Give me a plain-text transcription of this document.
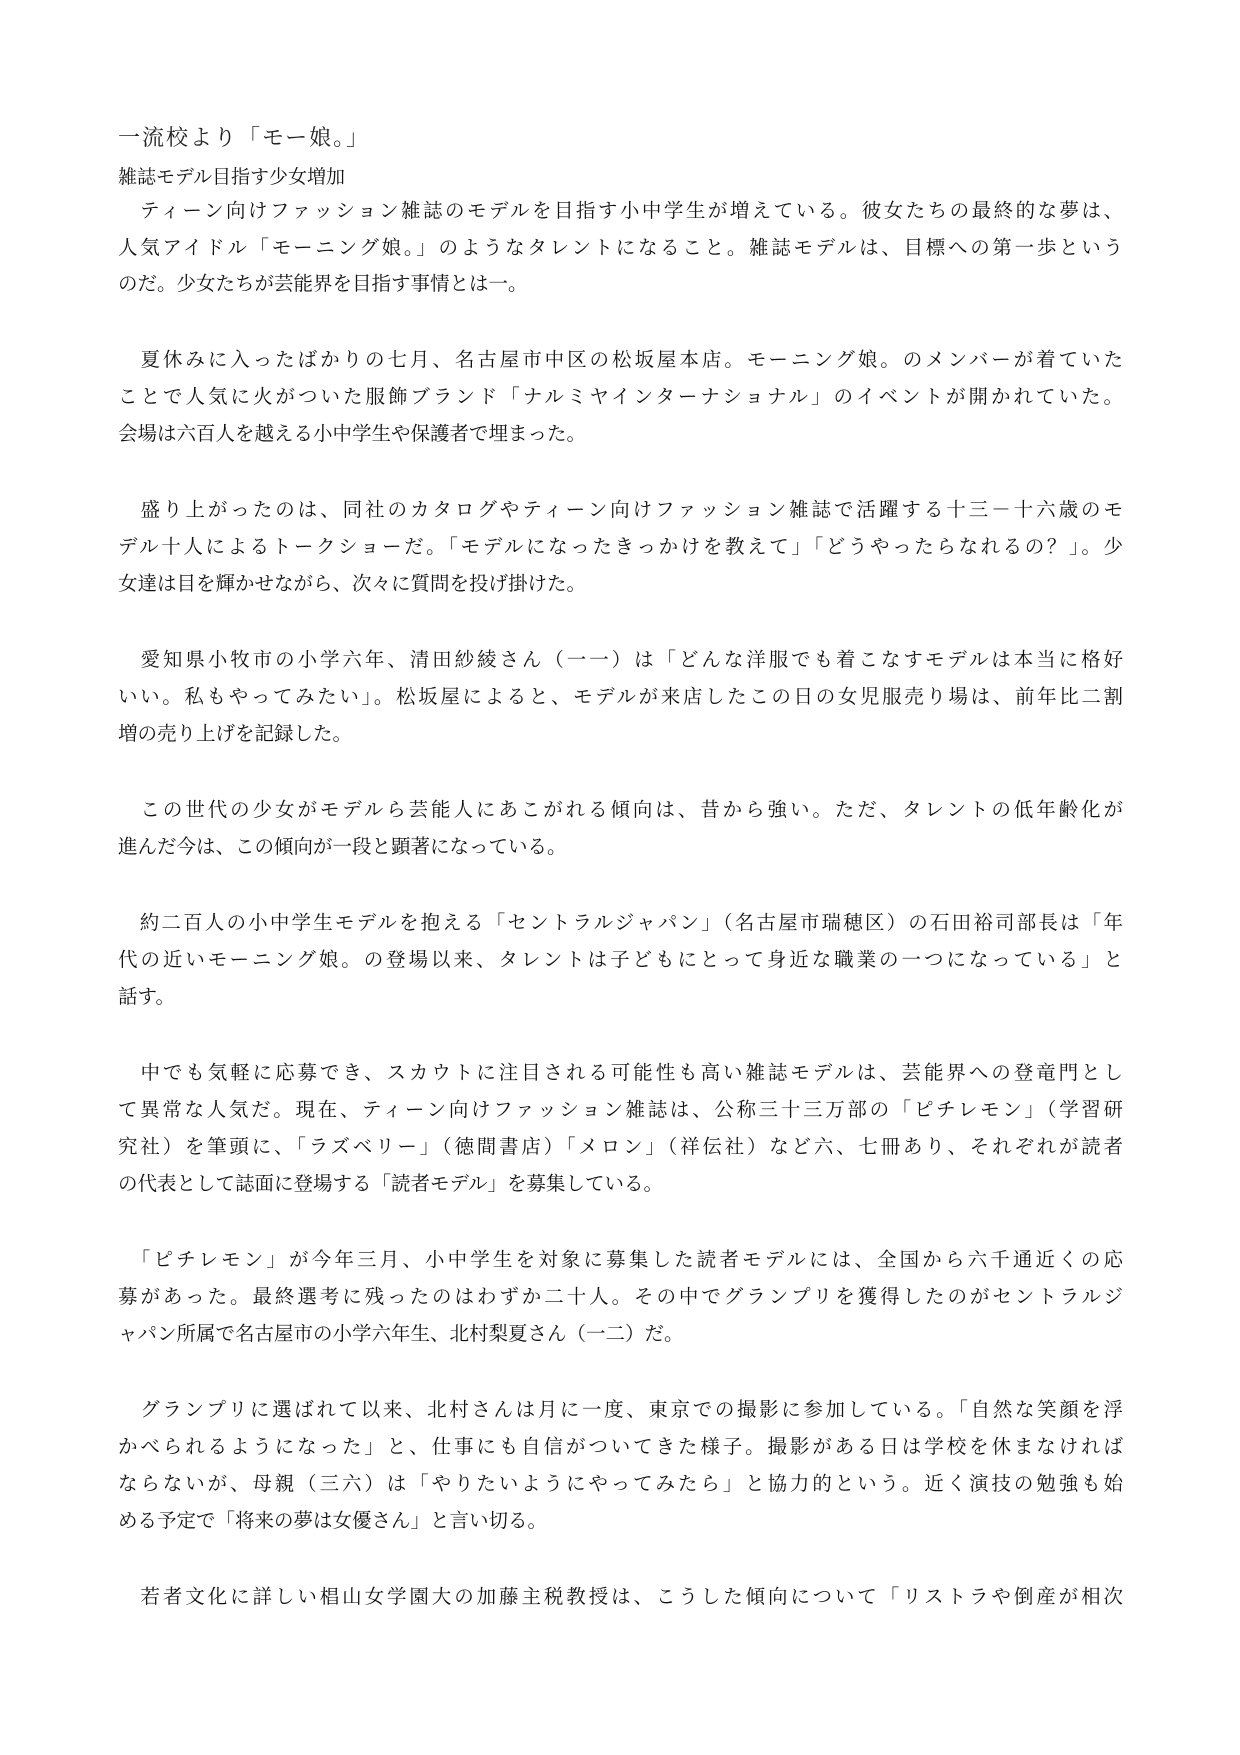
一流校より「モー娘。」
雑誌モデル目指す少女増加
　ティーン向けファッション雑誌のモデルを目指す小中学生が増えている。彼女たちの最終的な夢は、
人気アイドル「モーニング娘。」のようなタレントになること。雑誌モデルは、目標への第一歩という
のだ。少女たちが芸能界を目指す事情とは一。
　夏休みに入ったばかりの七月、名古屋市中区の松坂屋本店。モーニング娘。のメンバーが着ていた
ことで人気に火がついた服飾ブランド「ナルミヤインターナショナル」のイベントが開かれていた。
会場は六百人を越える小中学生や保護者で埋まった。
　盛り上がったのは、同社のカタログやティーン向けファッション雑誌で活躍する十三－十六歳のモ
デル十人によるトークショーだ。「モデルになったきっかけを教えて」「どうやったらなれるの？」。少
女達は目を輝かせながら、次々に質問を投げ掛けた。
　愛知県小牧市の小学六年、清田紗綾さん（一一）は「どんな洋服でも着こなすモデルは本当に格好
いい。私もやってみたい」。松坂屋によると、モデルが来店したこの日の女児服売り場は、前年比二割
増の売り上げを記録した。
　この世代の少女がモデルら芸能人にあこがれる傾向は、昔から強い。ただ、タレントの低年齢化が
進んだ今は、この傾向が一段と顕著になっている。
　約二百人の小中学生モデルを抱える「セントラルジャパン」（名古屋市瑞穂区）の石田裕司部長は「年
代の近いモーニング娘。の登場以来、タレントは子どもにとって身近な職業の一つになっている」と
話す。
　中でも気軽に応募でき、スカウトに注目される可能性も高い雑誌モデルは、芸能界への登竜門とし
て異常な人気だ。現在、ティーン向けファッション雑誌は、公称三十三万部の「ピチレモン」（学習研
究社）を筆頭に、「ラズベリー」（徳間書店）「メロン」（祥伝社）など六、七冊あり、それぞれが読者
の代表として誌面に登場する「読者モデル」を募集している。
　「ピチレモン」が今年三月、小中学生を対象に募集した読者モデルには、全国から六千通近くの応
募があった。最終選考に残ったのはわずか二十人。その中でグランプリを獲得したのがセントラルジ
ャパン所属で名古屋市の小学六年生、北村梨夏さん（一二）だ。
　グランプリに選ばれて以来、北村さんは月に一度、東京での撮影に参加している。「自然な笑顔を浮
かべられるようになった」と、仕事にも自信がついてきた様子。撮影がある日は学校を休まなければ
ならないが、母親（三六）は「やりたいようにやってみたら」と協力的という。近く演技の勉強も始
める予定で「将来の夢は女優さん」と言い切る。
　若者文化に詳しい椙山女学園大の加藤主税教授は、こうした傾向について「リストラや倒産が相次
